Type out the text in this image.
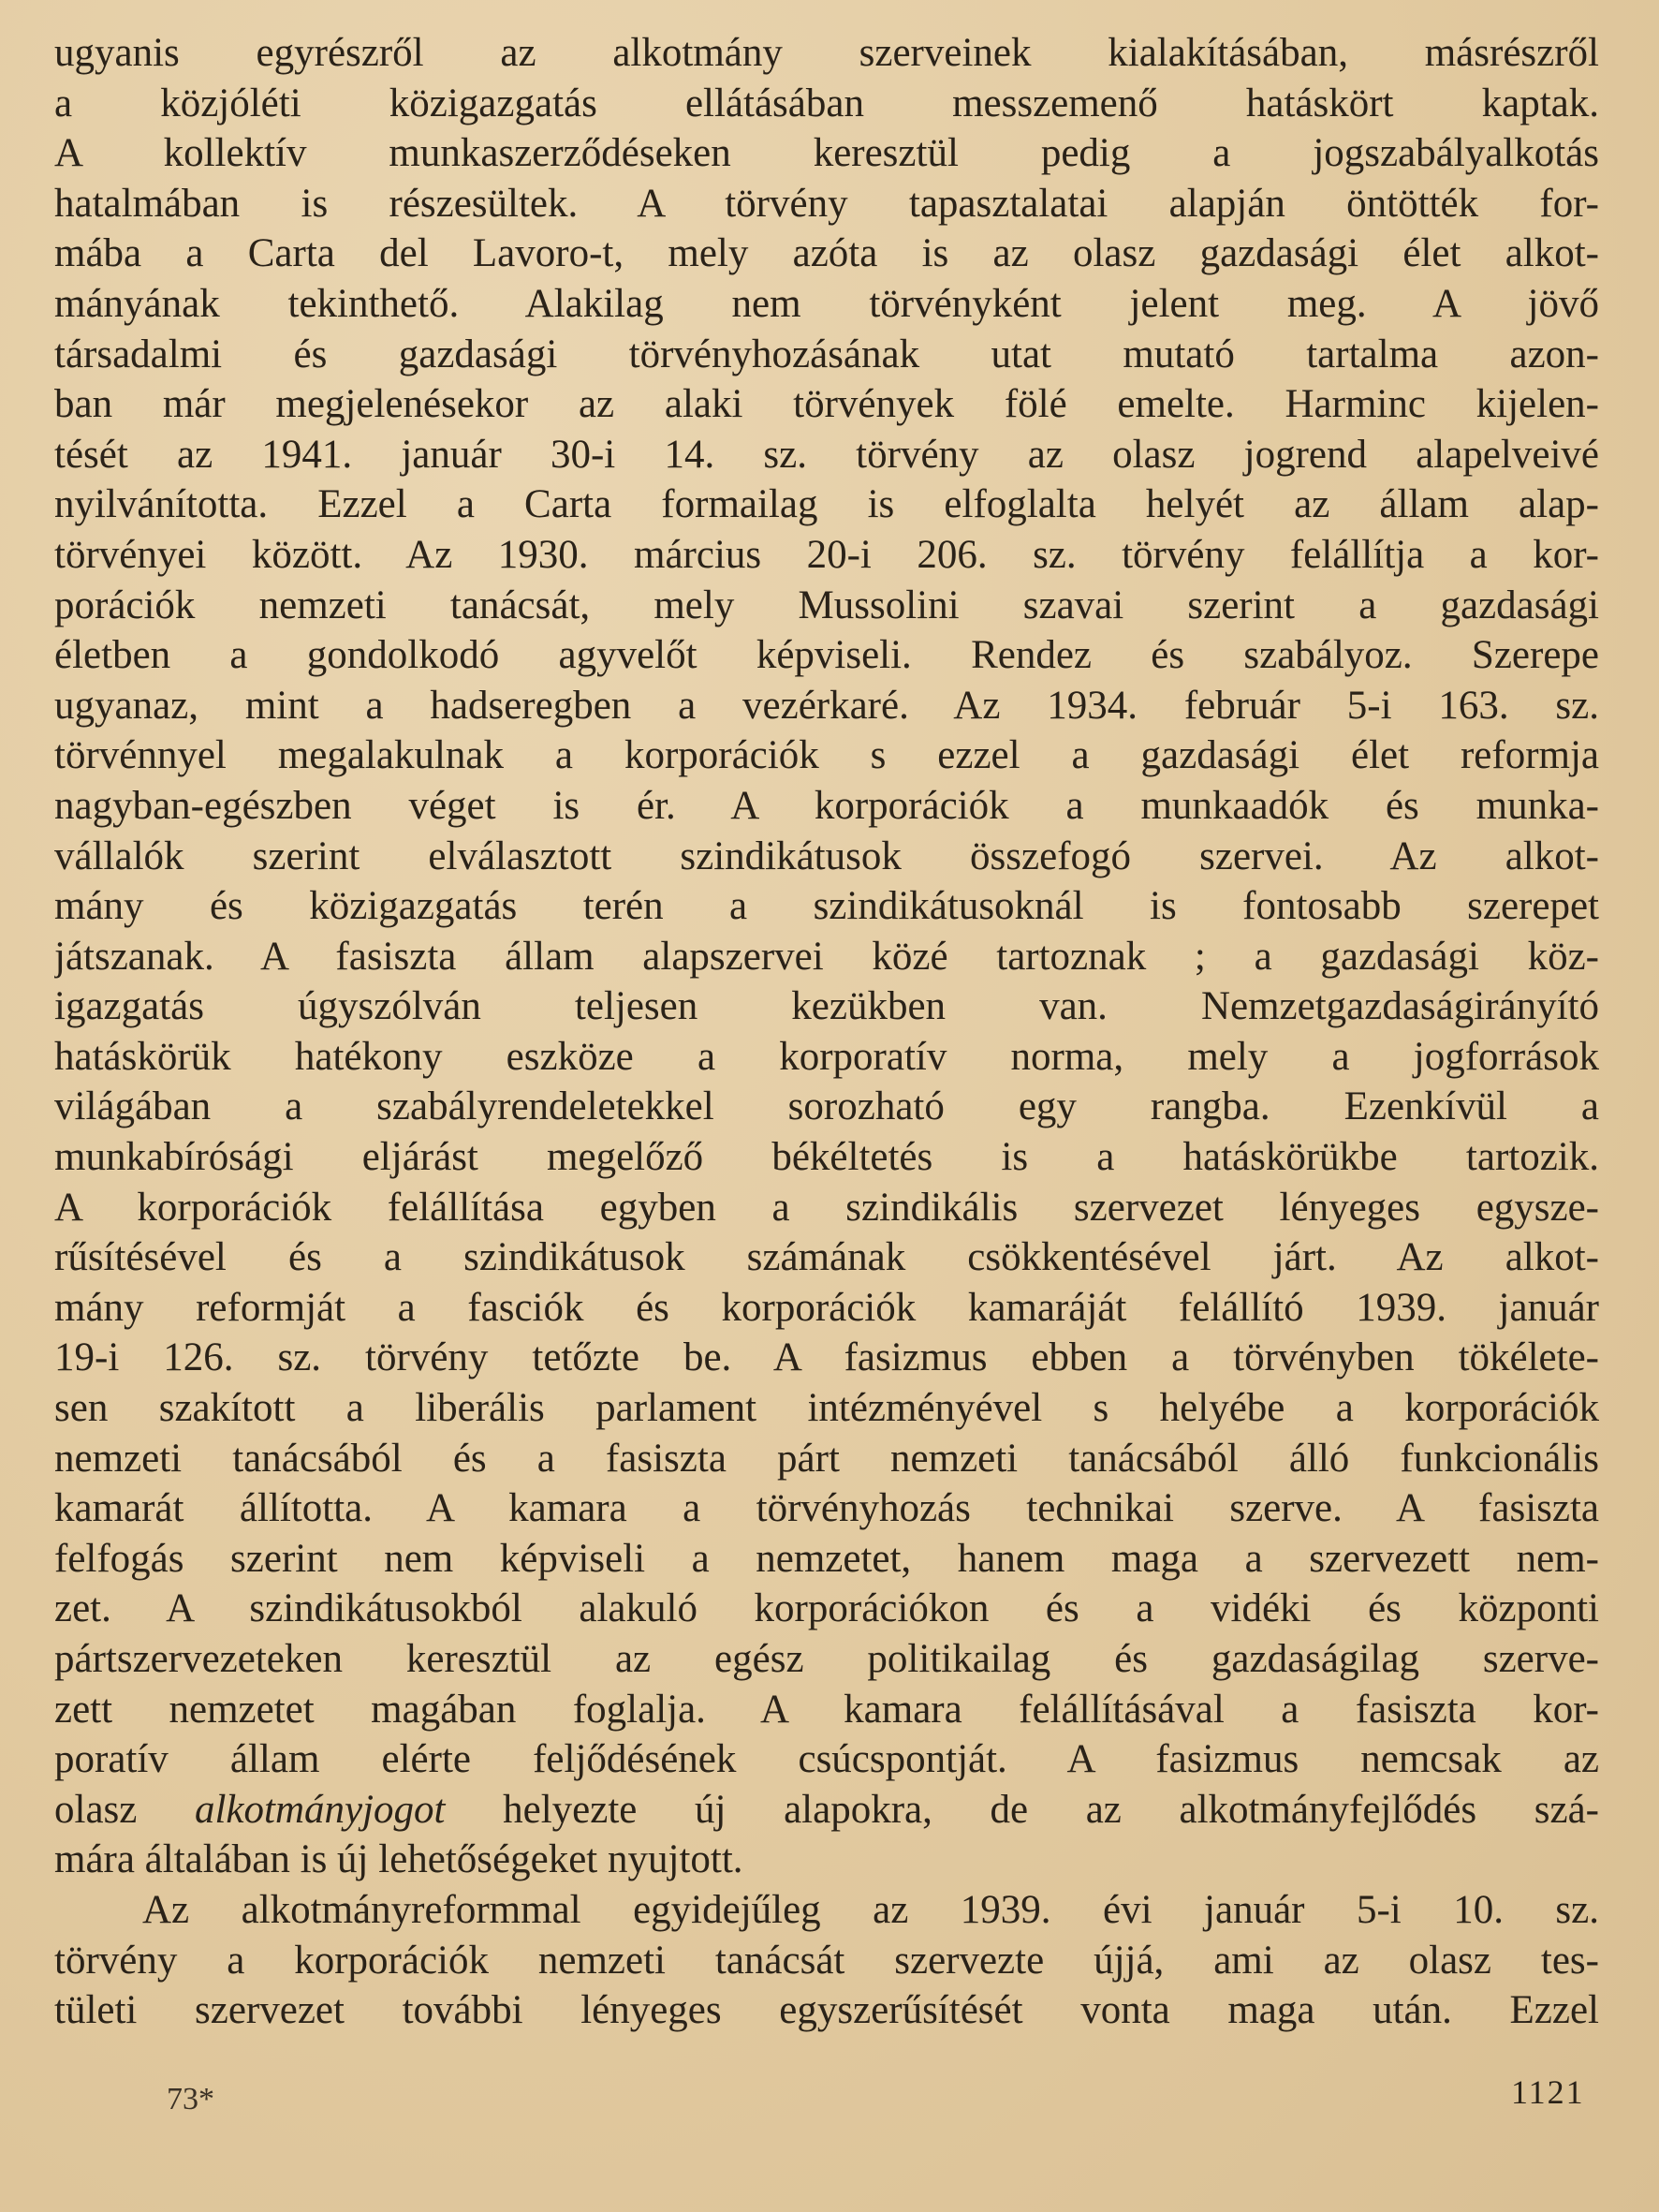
ugyanis egyrészről az alkotmány szerveinek kialakításában, másrészről
a közjóléti közigazgatás ellátásában messzemenő hatáskört kaptak.
A kollektív munkaszerződéseken keresztül pedig a jogszabályalkotás
hatalmában is részesültek. A törvény tapasztalatai alapján öntötték for-
mába a Carta del Lavoro-t, mely azóta is az olasz gazdasági élet alkot-
mányának tekinthető. Alakilag nem törvényként jelent meg. A jövő
társadalmi és gazdasági törvényhozásának utat mutató tartalma azon-
ban már megjelenésekor az alaki törvények fölé emelte. Harminc kijelen-
tését az 1941. január 30-i 14. sz. törvény az olasz jogrend alapelveivé
nyilvánította. Ezzel a Carta formailag is elfoglalta helyét az állam alap-
törvényei között. Az 1930. március 20-i 206. sz. törvény felállítja a kor-
porációk nemzeti tanácsát, mely Mussolini szavai szerint a gazdasági
életben a gondolkodó agyvelőt képviseli. Rendez és szabályoz. Szerepe
ugyanaz, mint a hadseregben a vezérkaré. Az 1934. február 5-i 163. sz.
törvénnyel megalakulnak a korporációk s ezzel a gazdasági élet reformja
nagyban-egészben véget is ér. A korporációk a munkaadók és munka-
vállalók szerint elválasztott szindikátusok összefogó szervei. Az alkot-
mány és közigazgatás terén a szindikátusoknál is fontosabb szerepet
játszanak. A fasiszta állam alapszervei közé tartoznak ; a gazdasági köz-
igazgatás úgyszólván teljesen kezükben van. Nemzetgazdaságirányító
hatáskörük hatékony eszköze a korporatív norma, mely a jogforrások
világában a szabályrendeletekkel sorozható egy rangba. Ezenkívül a
munkabírósági eljárást megelőző békéltetés is a hatáskörükbe tartozik.
A korporációk felállítása egyben a szindikális szervezet lényeges egysze-
rűsítésével és a szindikátusok számának csökkentésével járt. Az alkot-
mány reformját a fasciók és korporációk kamaráját felállító 1939. január
19-i 126. sz. törvény tetőzte be. A fasizmus ebben a törvényben tökélete-
sen szakított a liberális parlament intézményével s helyébe a korporációk
nemzeti tanácsából és a fasiszta párt nemzeti tanácsából álló funkcionális
kamarát állította. A kamara a törvényhozás technikai szerve. A fasiszta
felfogás szerint nem képviseli a nemzetet, hanem maga a szervezett nem-
zet. A szindikátusokból alakuló korporációkon és a vidéki és központi
pártszervezeteken keresztül az egész politikailag és gazdaságilag szerve-
zett nemzetet magában foglalja. A kamara felállításával a fasiszta kor-
poratív állam elérte feljődésének csúcspontját. A fasizmus nemcsak az
olasz alkotmányjogot helyezte új alapokra, de az alkotmányfejlődés szá-
mára általában is új lehetőségeket nyujtott.
Az alkotmányreformmal egyidejűleg az 1939. évi január 5-i 10. sz.
törvény a korporációk nemzeti tanácsát szervezte újjá, ami az olasz tes-
tületi szervezet további lényeges egyszerűsítését vonta maga után. Ezzel
73*	1121
